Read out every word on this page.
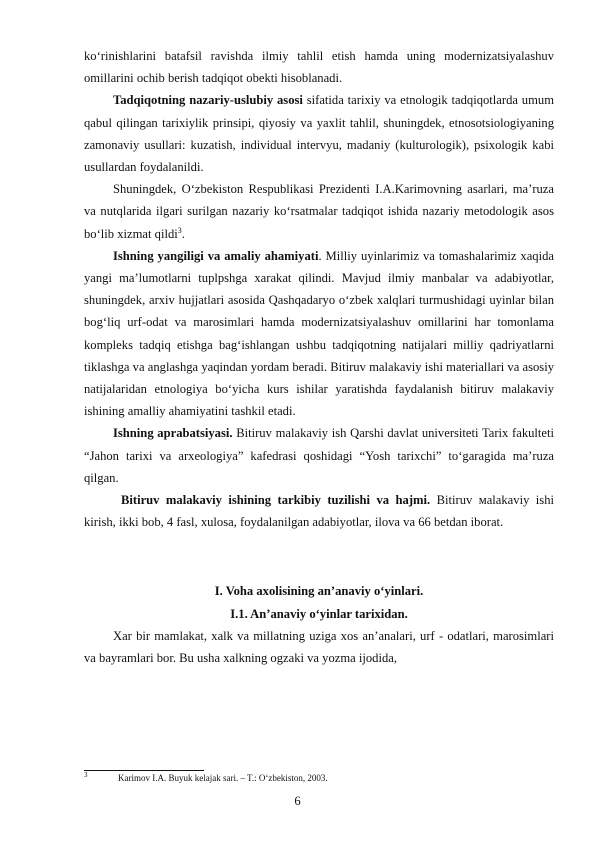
ko‘rinishlarini batafsil ravishda ilmiy tahlil etish hamda uning modernizatsiyalashuv omillarini ochib berish tadqiqot obekti hisoblanadi.

Tadqiqotning nazariy-uslubiy asosi sifatida tarixiy va etnologik tadqiqotlarda umum qabul qilingan tarixiylik prinsipi, qiyosiy va yaxlit tahlil, shuningdek, etnosotsiologiyaning zamonaviy usullari: kuzatish, individual intervyu, madaniy (kulturologik), psixologik kabi usullardan foydalanildi.

Shuningdek, O‘zbekiston Respublikasi Prezidenti I.A.Karimovning asarlari, ma’ruza va nutqlarida ilgari surilgan nazariy ko‘rsatmalar tadqiqot ishida nazariy metodologik asos bo‘lib xizmat qildi$^3$.

Ishning yangiligi va amaliy ahamiyati. Milliy uyinlarimiz va tomashalarimiz xaqida yangi ma’lumotlarni tuplpshga xarakat qilindi. Mavjud ilmiy manbalar va adabiyotlar, shuningdek, arxiv hujjatlari asosida Qashqadaryo o‘zbek xalqlari turmushidagi uyinlar bilan bog‘liq urf-odat va marosimlari hamda modernizatsiyalashuv omillarini har tomonlama kompleks tadqiq etishga bag‘ishlangan ushbu tadqiqotning natijalari milliy qadriyatlarni tiklashga va anglashga yaqindan yordam beradi. Bitiruv malakaviy ishi materiallari va asosiy natijalaridan etnologiya bo‘yicha kurs ishilar yaratishda faydalanish bitiruv malakaviy ishining amalliy ahamiyatini tashkil etadi.

Ishning aprabatsiyasi. Bitiruv malakaviy ish Qarshi davlat universiteti Tarix fakulteti “Jahon tarixi va arxeologiya” kafedrasi qoshidagi “Yosh tarixchi” to‘garagida ma’ruza qilgan.

Bitiruv malakaviy ishining tarkibiy tuzilishi va hajmi. Bitiruv мalakaviy ishi kirish, ikki bob, 4 fasl, xulosa, foydalanilgan adabiyotlar, ilova va 66 betdan iborat.

I. Voha axolisining an’anaviy o‘yinlari.

I.1. An’anaviy o‘yinlar tarixidan.

Xar bir mamlakat, xalk va millatning uziga xos an’analari, urf - odatlari, marosimlari va bayramlari bor. Bu usha xalkning ogzaki va yozma ijodida,

3	Karimov I.A. Buyuk kelajak sari. – T.: O‘zbekiston, 2003.
6
